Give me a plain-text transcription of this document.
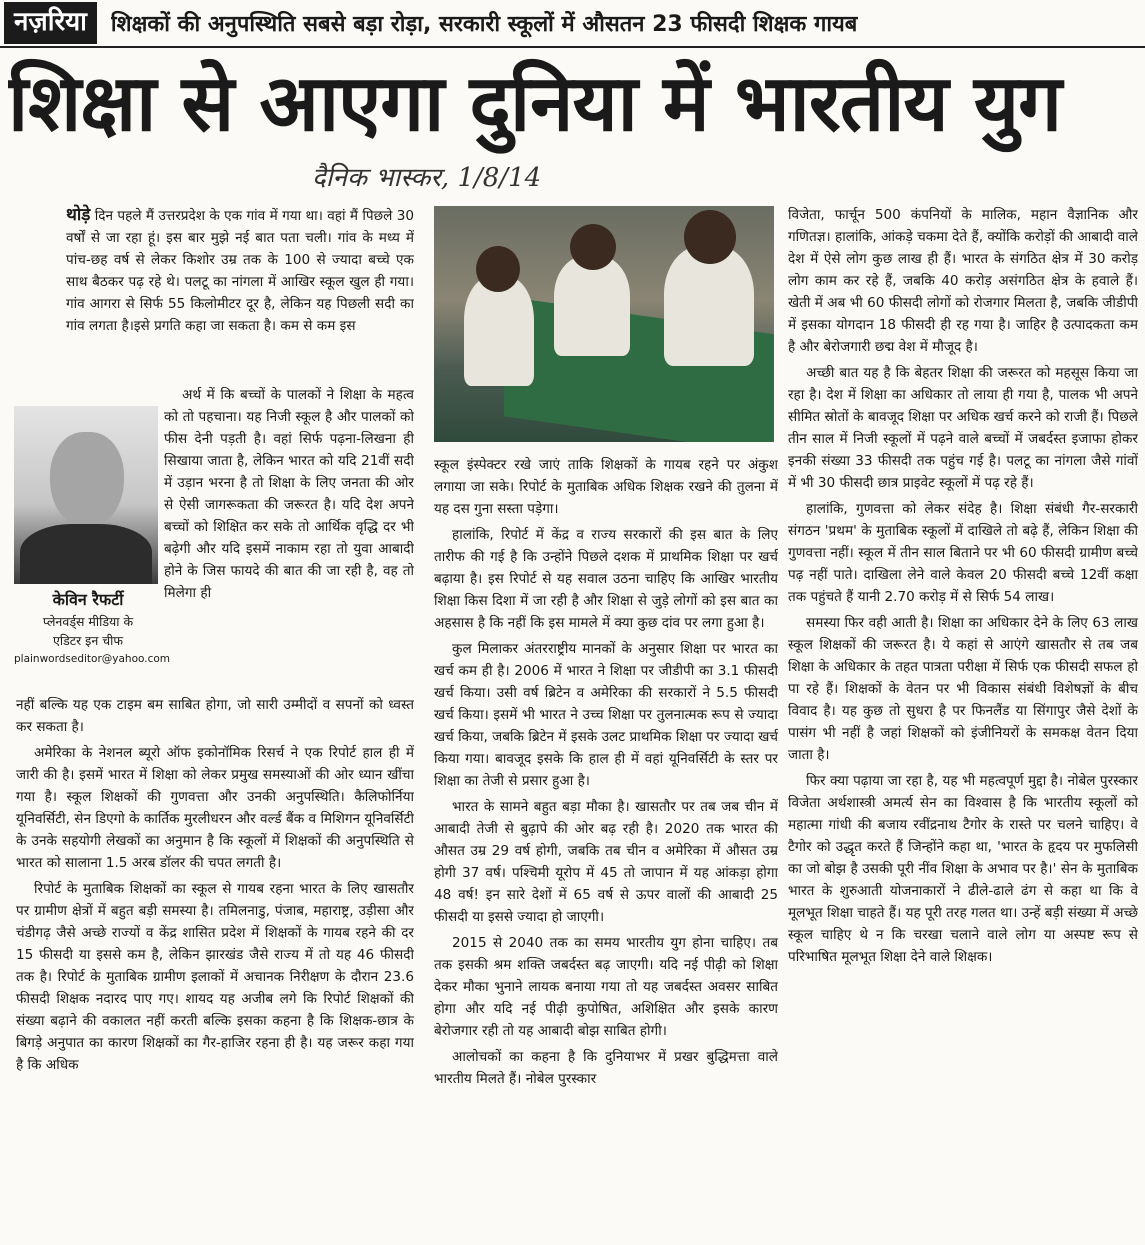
नज़रिया	शिक्षकों की अनुपस्थिति सबसे बड़ा रोड़ा, सरकारी स्कूलों में औसतन 23 फीसदी शिक्षक गायब
शिक्षा से आएगा दुनिया में भारतीय युग
दैनिक भास्कर, 1/8/14

थोड़े दिन पहले मैं उत्तरप्रदेश के एक गांव में गया था। वहां मैं पिछले 30 वर्षों से जा रहा हूं। इस बार मुझे नई बात पता चली। गांव के मध्य में पांच-छह वर्ष से लेकर किशोर उम्र तक के 100 से ज्यादा बच्चे एक साथ बैठकर पढ़ रहे थे। पलटू का नांगला में आखिर स्कूल खुल ही गया। गांव आगरा से सिर्फ 55 किलोमीटर दूर है, लेकिन यह पिछली सदी का गांव लगता है।इसे प्रगति कहा जा सकता है। कम से कम इस

केविन रैफर्टी
प्लेनवर्ड्स मीडिया के
एडिटर इन चीफ
plainwordseditor@yahoo.com

अर्थ में कि बच्चों के पालकों ने शिक्षा के महत्व को तो पहचाना। यह निजी स्कूल है और पालकों को फीस देनी पड़ती है। वहां सिर्फ पढ़ना-लिखना ही सिखाया जाता है, लेकिन भारत को यदि 21वीं सदी में उड़ान भरना है तो शिक्षा के लिए जनता की ओर से ऐसी जागरूकता की जरूरत है। यदि देश अपने बच्चों को शिक्षित कर सके तो आर्थिक वृद्धि दर भी बढ़ेगी और यदि इसमें नाकाम रहा तो युवा आबादी होने के जिस फायदे की बात की जा रही है, वह तो मिलेगा ही

नहीं बल्कि यह एक टाइम बम साबित होगा, जो सारी उम्मीदों व सपनों को ध्वस्त कर सकता है।

अमेरिका के नेशनल ब्यूरो ऑफ इकोनॉमिक रिसर्च ने एक रिपोर्ट हाल ही में जारी की है। इसमें भारत में शिक्षा को लेकर प्रमुख समस्याओं की ओर ध्यान खींचा गया है। स्कूल शिक्षकों की गुणवत्ता और उनकी अनुपस्थिति। कैलिफोर्निया यूनिवर्सिटी, सेन डिएगो के कार्तिक मुरलीधरन और वर्ल्ड बैंक व मिशिगन यूनिवर्सिटी के उनके सहयोगी लेखकों का अनुमान है कि स्कूलों में शिक्षकों की अनुपस्थिति से भारत को सालाना 1.5 अरब डॉलर की चपत लगती है।

रिपोर्ट के मुताबिक शिक्षकों का स्कूल से गायब रहना भारत के लिए खासतौर पर ग्रामीण क्षेत्रों में बहुत बड़ी समस्या है। तमिलनाडु, पंजाब, महाराष्ट्र, उड़ीसा और चंडीगढ़ जैसे अच्छे राज्यों व केंद्र शासित प्रदेश में शिक्षकों के गायब रहने की दर 15 फीसदी या इससे कम है, लेकिन झारखंड जैसे राज्य में तो यह 46 फीसदी तक है। रिपोर्ट के मुताबिक ग्रामीण इलाकों में अचानक निरीक्षण के दौरान 23.6 फीसदी शिक्षक नदारद पाए गए। शायद यह अजीब लगे कि रिपोर्ट शिक्षकों की संख्या बढ़ाने की वकालत नहीं करती बल्कि इसका कहना है कि शिक्षक-छात्र के बिगड़े अनुपात का कारण शिक्षकों का गैर-हाजिर रहना ही है। यह जरूर कहा गया है कि अधिक

स्कूल इंस्पेक्टर रखे जाएं ताकि शिक्षकों के गायब रहने पर अंकुश लगाया जा सके। रिपोर्ट के मुताबिक अधिक शिक्षक रखने की तुलना में यह दस गुना सस्ता पड़ेगा।

हालांकि, रिपोर्ट में केंद्र व राज्य सरकारों की इस बात के लिए तारीफ की गई है कि उन्होंने पिछले दशक में प्राथमिक शिक्षा पर खर्च बढ़ाया है। इस रिपोर्ट से यह सवाल उठना चाहिए कि आखिर भारतीय शिक्षा किस दिशा में जा रही है और शिक्षा से जुड़े लोगों को इस बात का अहसास है कि नहीं कि इस मामले में क्या कुछ दांव पर लगा हुआ है।

कुल मिलाकर अंतरराष्ट्रीय मानकों के अनुसार शिक्षा पर भारत का खर्च कम ही है। 2006 में भारत ने शिक्षा पर जीडीपी का 3.1 फीसदी खर्च किया। उसी वर्ष ब्रिटेन व अमेरिका की सरकारों ने 5.5 फीसदी खर्च किया। इसमें भी भारत ने उच्च शिक्षा पर तुलनात्मक रूप से ज्यादा खर्च किया, जबकि ब्रिटेन में इसके उलट प्राथमिक शिक्षा पर ज्यादा खर्च किया गया। बावजूद इसके कि हाल ही में वहां यूनिवर्सिटी के स्तर पर शिक्षा का तेजी से प्रसार हुआ है।

भारत के सामने बहुत बड़ा मौका है। खासतौर पर तब जब चीन में आबादी तेजी से बुढ़ापे की ओर बढ़ रही है। 2020 तक भारत की औसत उम्र 29 वर्ष होगी, जबकि तब चीन व अमेरिका में औसत उम्र होगी 37 वर्ष। पश्चिमी यूरोप में 45 तो जापान में यह आंकड़ा होगा 48 वर्ष! इन सारे देशों में 65 वर्ष से ऊपर वालों की आबादी 25 फीसदी या इससे ज्यादा हो जाएगी।

2015 से 2040 तक का समय भारतीय युग होना चाहिए। तब तक इसकी श्रम शक्ति जबर्दस्त बढ़ जाएगी। यदि नई पीढ़ी को शिक्षा देकर मौका भुनाने लायक बनाया गया तो यह जबर्दस्त अवसर साबित होगा और यदि नई पीढ़ी कुपोषित, अशिक्षित और इसके कारण बेरोजगार रही तो यह आबादी बोझ साबित होगी।

आलोचकों का कहना है कि दुनियाभर में प्रखर बुद्धिमत्ता वाले भारतीय मिलते हैं। नोबेल पुरस्कार

विजेता, फार्चून 500 कंपनियों के मालिक, महान वैज्ञानिक और गणितज्ञ। हालांकि, आंकड़े चकमा देते हैं, क्योंकि करोड़ों की आबादी वाले देश में ऐसे लोग कुछ लाख ही हैं। भारत के संगठित क्षेत्र में 30 करोड़ लोग काम कर रहे हैं, जबकि 40 करोड़ असंगठित क्षेत्र के हवाले हैं। खेती में अब भी 60 फीसदी लोगों को रोजगार मिलता है, जबकि जीडीपी में इसका योगदान 18 फीसदी ही रह गया है। जाहिर है उत्पादकता कम है और बेरोजगारी छद्म वेश में मौजूद है।

अच्छी बात यह है कि बेहतर शिक्षा की जरूरत को महसूस किया जा रहा है। देश में शिक्षा का अधिकार तो लाया ही गया है, पालक भी अपने सीमित स्रोतों के बावजूद शिक्षा पर अधिक खर्च करने को राजी हैं। पिछले तीन साल में निजी स्कूलों में पढ़ने वाले बच्चों में जबर्दस्त इजाफा होकर इनकी संख्या 33 फीसदी तक पहुंच गई है। पलटू का नांगला जैसे गांवों में भी 30 फीसदी छात्र प्राइवेट स्कूलों में पढ़ रहे हैं।

हालांकि, गुणवत्ता को लेकर संदेह है। शिक्षा संबंधी गैर-सरकारी संगठन 'प्रथम' के मुताबिक स्कूलों में दाखिले तो बढ़े हैं, लेकिन शिक्षा की गुणवत्ता नहीं। स्कूल में तीन साल बिताने पर भी 60 फीसदी ग्रामीण बच्चे पढ़ नहीं पाते। दाखिला लेने वाले केवल 20 फीसदी बच्चे 12वीं कक्षा तक पहुंचते हैं यानी 2.70 करोड़ में से सिर्फ 54 लाख।

समस्या फिर वही आती है। शिक्षा का अधिकार देने के लिए 63 लाख स्कूल शिक्षकों की जरूरत है। ये कहां से आएंगे खासतौर से तब जब शिक्षा के अधिकार के तहत पात्रता परीक्षा में सिर्फ एक फीसदी सफल हो पा रहे हैं। शिक्षकों के वेतन पर भी विकास संबंधी विशेषज्ञों के बीच विवाद है। यह कुछ तो सुधरा है पर फिनलैंड या सिंगापुर जैसे देशों के पासंग भी नहीं है जहां शिक्षकों को इंजीनियरों के समकक्ष वेतन दिया जाता है।

फिर क्या पढ़ाया जा रहा है, यह भी महत्वपूर्ण मुद्दा है। नोबेल पुरस्कार विजेता अर्थशास्त्री अमर्त्य सेन का विश्वास है कि भारतीय स्कूलों को महात्मा गांधी की बजाय रवींद्रनाथ टैगोर के रास्ते पर चलने चाहिए। वे टैगोर को उद्धृत करते हैं जिन्होंने कहा था, 'भारत के हृदय पर मुफलिसी का जो बोझ है उसकी पूरी नींव शिक्षा के अभाव पर है।' सेन के मुताबिक भारत के शुरुआती योजनाकारों ने ढीले-ढाले ढंग से कहा था कि वे मूलभूत शिक्षा चाहते हैं। यह पूरी तरह गलत था। उन्हें बड़ी संख्या में अच्छे स्कूल चाहिए थे न कि चरखा चलाने वाले लोग या अस्पष्ट रूप से परिभाषित मूलभूत शिक्षा देने वाले शिक्षक।
